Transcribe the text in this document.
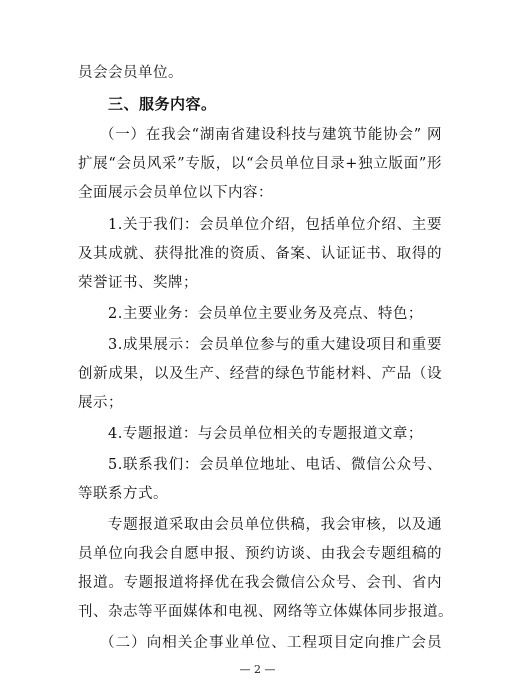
员会会员单位。
三、服务内容。
（一）在我会“湖南省建设科技与建筑节能协会” 网
扩展“会员风采”专版，以“会员单位目录+独立版面”形
全面展示会员单位以下内容：
1.关于我们：会员单位介绍，包括单位介绍、主要
及其成就、获得批准的资质、备案、认证证书、取得的
荣誉证书、奖牌；
2.主要业务：会员单位主要业务及亮点、特色；
3.成果展示：会员单位参与的重大建设项目和重要
创新成果，以及生产、经营的绿色节能材料、产品（设
展示；
4.专题报道：与会员单位相关的专题报道文章；
5.联系我们：会员单位地址、电话、微信公众号、
等联系方式。
专题报道采取由会员单位供稿，我会审核，以及通
员单位向我会自愿申报、预约访谈、由我会专题组稿的
报道。专题报道将择优在我会微信公众号、会刊、省内
刊、杂志等平面媒体和电视、网络等立体媒体同步报道。
（二）向相关企事业单位、工程项目定向推广会员
— 2 —
